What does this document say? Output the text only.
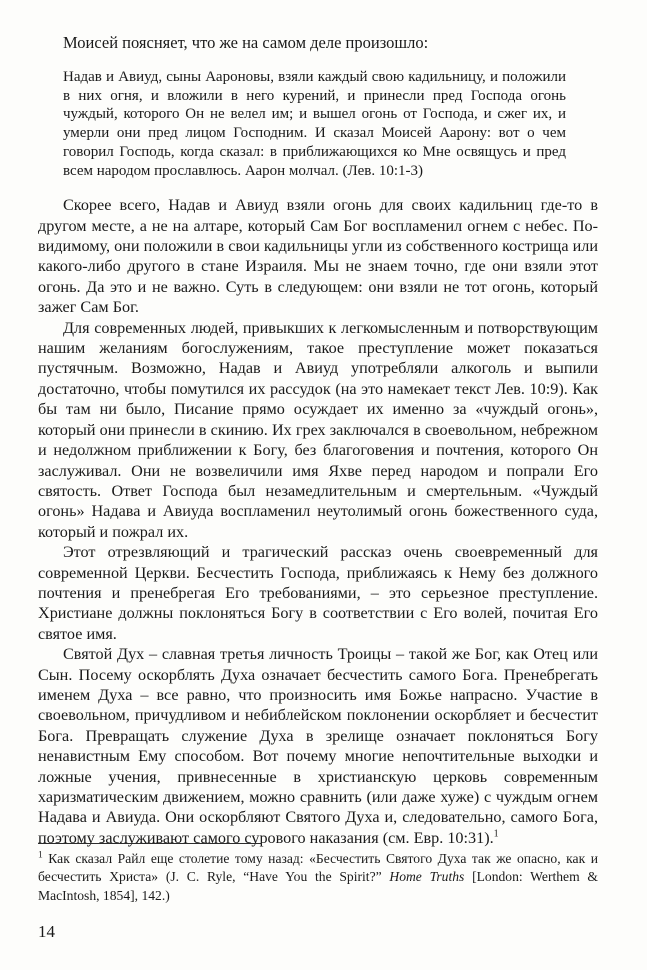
Моисей поясняет, что же на самом деле произошло:

Надав и Авиуд, сыны Аароновы, взяли каждый свою кадильницу, и положили в них огня, и вложили в него курений, и принесли пред Господа огонь чуждый, которого Он не велел им; и вышел огонь от Господа, и сжег их, и умерли они пред лицом Господним. И сказал Моисей Аарону: вот о чем говорил Господь, когда сказал: в приближающихся ко Мне освящусь и пред всем народом прославлюсь. Аарон молчал. (Лев. 10:1-3)

Скорее всего, Надав и Авиуд взяли огонь для своих кадильниц где-то в другом месте, а не на алтаре, который Сам Бог воспламенил огнем с небес. По-видимому, они положили в свои кадильницы угли из собственного кострища или какого-либо другого в стане Израиля. Мы не знаем точно, где они взяли этот огонь. Да это и не важно. Суть в следующем: они взяли не тот огонь, который зажег Сам Бог.

Для современных людей, привыкших к легкомысленным и потворствующим нашим желаниям богослужениям, такое преступление может показаться пустячным. Возможно, Надав и Авиуд употребляли алкоголь и выпили достаточно, чтобы помутился их рассудок (на это намекает текст Лев. 10:9). Как бы там ни было, Писание прямо осуждает их именно за «чуждый огонь», который они принесли в скинию. Их грех заключался в своевольном, небрежном и недолжном приближении к Богу, без благоговения и почтения, которого Он заслуживал. Они не возвеличили имя Яхве перед народом и попрали Его святость. Ответ Господа был незамедлительным и смертельным. «Чуждый огонь» Надава и Авиуда воспламенил неутолимый огонь божественного суда, который и пожрал их.

Этот отрезвляющий и трагический рассказ очень своевременный для современной Церкви. Бесчестить Господа, приближаясь к Нему без должного почтения и пренебрегая Его требованиями, – это серьезное преступление. Христиане должны поклоняться Богу в соответствии с Его волей, почитая Его святое имя.

Святой Дух – славная третья личность Троицы – такой же Бог, как Отец или Сын. Посему оскорблять Духа означает бесчестить самого Бога. Пренебрегать именем Духа – все равно, что произносить имя Божье напрасно. Участие в своевольном, причудливом и небиблейском поклонении оскорбляет и бесчестит Бога. Превращать служение Духа в зрелище означает поклоняться Богу ненавистным Ему способом. Вот почему многие непочтительные выходки и ложные учения, привнесенные в христианскую церковь современным харизматическим движением, можно сравнить (или даже хуже) с чуждым огнем Надава и Авиуда. Они оскорбляют Святого Духа и, следовательно, самого Бога, поэтому заслуживают самого сурового наказания (см. Евр. 10:31).$^1$

$^1$ Как сказал Райл еще столетие тому назад: «Бесчестить Святого Духа так же опасно, как и бесчестить Христа» (J. C. Ryle, “Have You the Spirit?” Home Truths [London: Werthem & MacIntosh, 1854], 142.)
14
